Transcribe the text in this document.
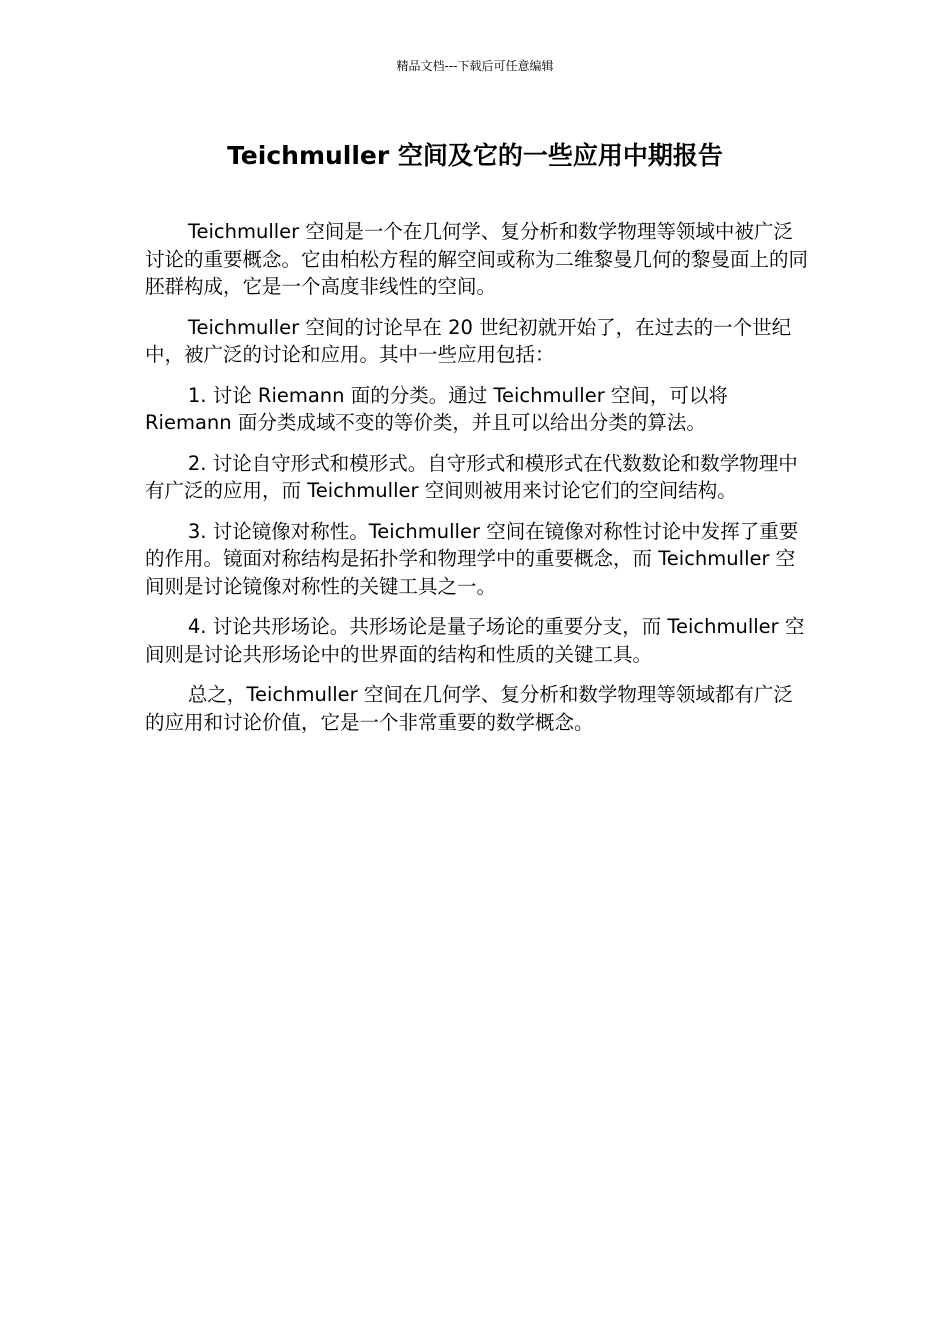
精品文档---下载后可任意编辑
Teichmuller 空间及它的一些应用中期报告

Teichmuller 空间是一个在几何学、复分析和数学物理等领域中被广泛讨论的重要概念。它由柏松方程的解空间或称为二维黎曼几何的黎曼面上的同胚群构成，它是一个高度非线性的空间。

Teichmuller 空间的讨论早在 20 世纪初就开始了，在过去的一个世纪中，被广泛的讨论和应用。其中一些应用包括：

1. 讨论 Riemann 面的分类。通过 Teichmuller 空间，可以将 Riemann 面分类成域不变的等价类，并且可以给出分类的算法。

2. 讨论自守形式和模形式。自守形式和模形式在代数数论和数学物理中有广泛的应用，而 Teichmuller 空间则被用来讨论它们的空间结构。

3. 讨论镜像对称性。Teichmuller 空间在镜像对称性讨论中发挥了重要的作用。镜面对称结构是拓扑学和物理学中的重要概念，而 Teichmuller 空间则是讨论镜像对称性的关键工具之一。

4. 讨论共形场论。共形场论是量子场论的重要分支，而 Teichmuller 空间则是讨论共形场论中的世界面的结构和性质的关键工具。

总之，Teichmuller 空间在几何学、复分析和数学物理等领域都有广泛的应用和讨论价值，它是一个非常重要的数学概念。
